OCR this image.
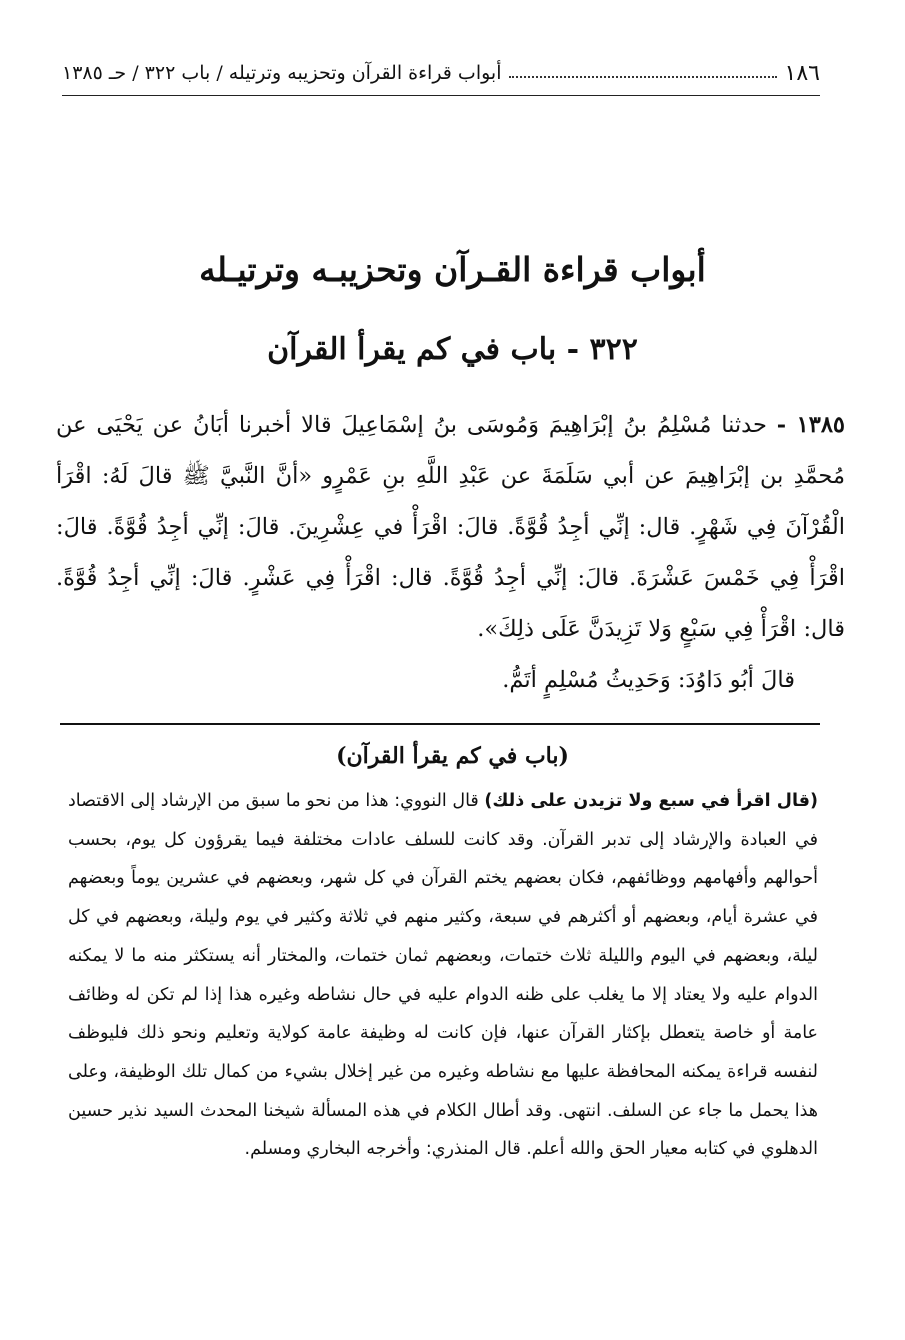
١٨٦
أبواب قراءة القرآن وتحزيبه وترتيله / باب ٣٢٢ / حـ ١٣٨٥
أبواب قراءة القـرآن وتحزيبـه وترتيـله
٣٢٢ - باب في كم يقرأ القرآن

١٣٨٥ - حدثنا مُسْلِمُ بنُ إبْرَاهِيمَ وَمُوسَى بنُ إسْمَاعِيلَ قالا أخبرنا أبَانُ عن يَحْيَى عن مُحمَّدِ بن إبْرَاهِيمَ عن أبي سَلَمَةَ عن عَبْدِ اللَّهِ بنِ عَمْرٍو «أنَّ النَّبيَّ ﷺ قالَ لَهُ: اقْرَأ الْقُرْآنَ فِي شَهْرٍ. قال: إنِّي أجِدُ قُوَّةً. قالَ: اقْرَأْ في عِشْرِينَ. قالَ: إنِّي أجِدُ قُوَّةً. قالَ: اقْرَأْ فِي خَمْسَ عَشْرَةَ. قالَ: إنِّي أجِدُ قُوَّةً. قال: اقْرَأْ فِي عَشْرٍ. قالَ: إنِّي أجِدُ قُوَّةً. قال: اقْرَأْ فِي سَبْعٍ وَلا تَزِيدَنَّ عَلَى ذلِكَ».

قالَ أبُو دَاوُدَ: وَحَدِيثُ مُسْلِمٍ أتَمُّ.

(باب في كم يقرأ القرآن)
(قال اقرأ في سبع ولا تزيدن على ذلك) قال النووي: هذا من نحو ما سبق من الإرشاد إلى الاقتصاد في العبادة والإرشاد إلى تدبر القرآن. وقد كانت للسلف عادات مختلفة فيما يقرؤون كل يوم، بحسب أحوالهم وأفهامهم ووظائفهم، فكان بعضهم يختم القرآن في كل شهر، وبعضهم في عشرين يوماً وبعضهم في عشرة أيام، وبعضهم أو أكثرهم في سبعة، وكثير منهم في ثلاثة وكثير في يوم وليلة، وبعضهم في كل ليلة، وبعضهم في اليوم والليلة ثلاث ختمات، وبعضهم ثمان ختمات، والمختار أنه يستكثر منه ما لا يمكنه الدوام عليه ولا يعتاد إلا ما يغلب على ظنه الدوام عليه في حال نشاطه وغيره هذا إذا لم تكن له وظائف عامة أو خاصة يتعطل بإكثار القرآن عنها، فإن كانت له وظيفة عامة كولاية وتعليم ونحو ذلك فليوظف لنفسه قراءة يمكنه المحافظة عليها مع نشاطه وغيره من غير إخلال بشيء من كمال تلك الوظيفة، وعلى هذا يحمل ما جاء عن السلف. انتهى. وقد أطال الكلام في هذه المسألة شيخنا المحدث السيد نذير حسين الدهلوي في كتابه معيار الحق والله أعلم. قال المنذري: وأخرجه البخاري ومسلم.
